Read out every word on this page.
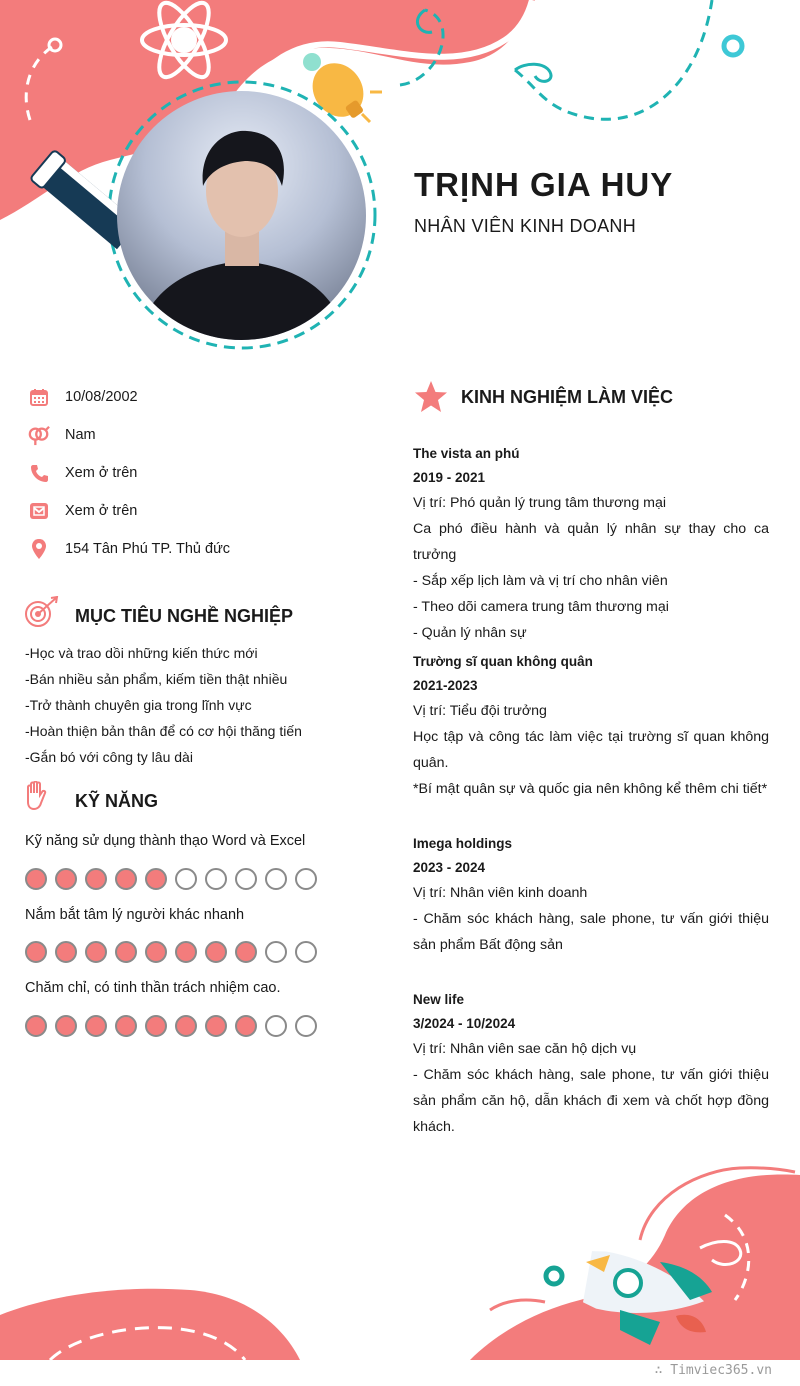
TRỊNH GIA HUY

NHÂN VIÊN KINH DOANH

10/08/2002
Nam
Xem ở trên
Xem ở trên
154 Tân Phú TP. Thủ đức
MỤC TIÊU NGHỀ NGHIỆP
-Học và trao dồi những kiến thức mới
-Bán nhiều sản phẩm, kiếm tiền thật nhiều
-Trở thành chuyên gia trong lĩnh vực
-Hoàn thiện bản thân để có cơ hội thăng tiến
-Gắn bó với công ty lâu dài
KỸ NĂNG
Kỹ năng sử dụng thành thạo Word và Excel
Nắm bắt tâm lý người khác nhanh
Chăm chỉ, có tinh thần trách nhiệm cao.
KINH NGHIỆM LÀM VIỆC
The vista an phú
2019 - 2021
Vị trí: Phó quản lý trung tâm thương mại
Ca phó điều hành và quản lý nhân sự thay cho ca trưởng
- Sắp xếp lịch làm và vị trí cho nhân viên
- Theo dõi camera trung tâm thương mại
- Quản lý nhân sự
Trường sĩ quan không quân
2021-2023
Vị trí: Tiểu đội trưởng
Học tập và công tác làm việc tại trường sĩ quan không quân.
*Bí mật quân sự và quốc gia nên không kể thêm chi tiết*
Imega holdings
2023 - 2024
Vị trí: Nhân viên kinh doanh
- Chăm sóc khách hàng, sale phone, tư vấn giới thiệu sản phẩm Bất động sản
New life
3/2024 - 10/2024
Vị trí: Nhân viên sae căn hộ dịch vụ
- Chăm sóc khách hàng, sale phone, tư vấn giới thiệu sản phẩm căn hộ, dẫn khách đi xem và chốt hợp đồng khách.
∴ Timviec365.vn
